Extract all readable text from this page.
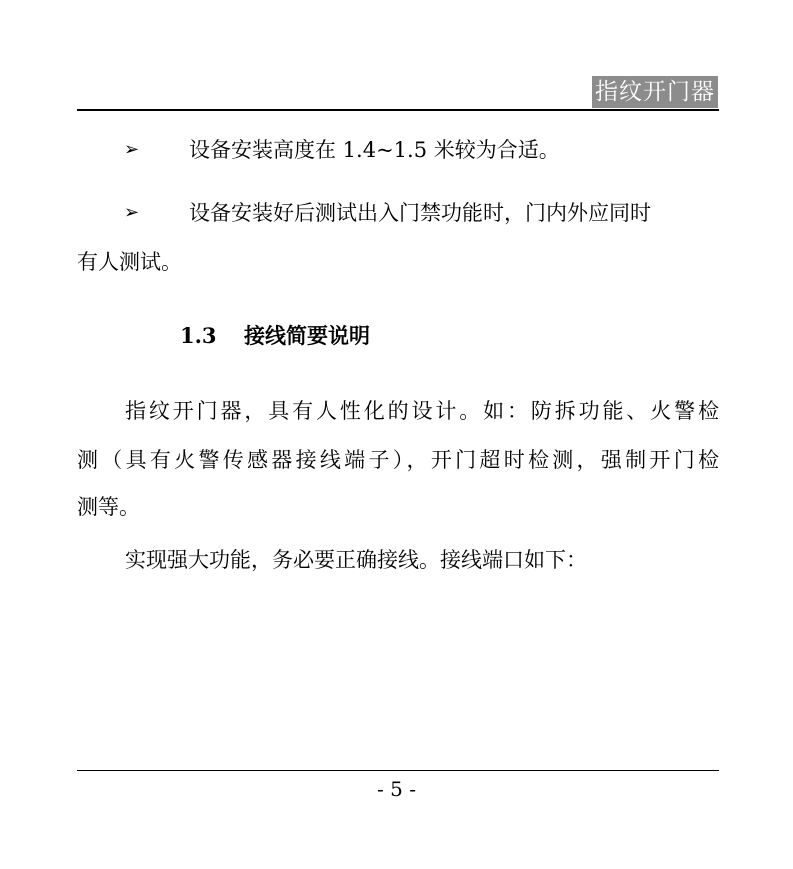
指纹开门器
➢ 设备安装高度在 1.4~1.5 米较为合适。
➢ 设备安装好后测试出入门禁功能时，门内外应同时
有人测试。
1.3 接线简要说明
指纹开门器，具有人性化的设计。如：防拆功能、火警检
测（具有火警传感器接线端子），开门超时检测，强制开门检
测等。
实现强大功能，务必要正确接线。接线端口如下：
- 5 -
